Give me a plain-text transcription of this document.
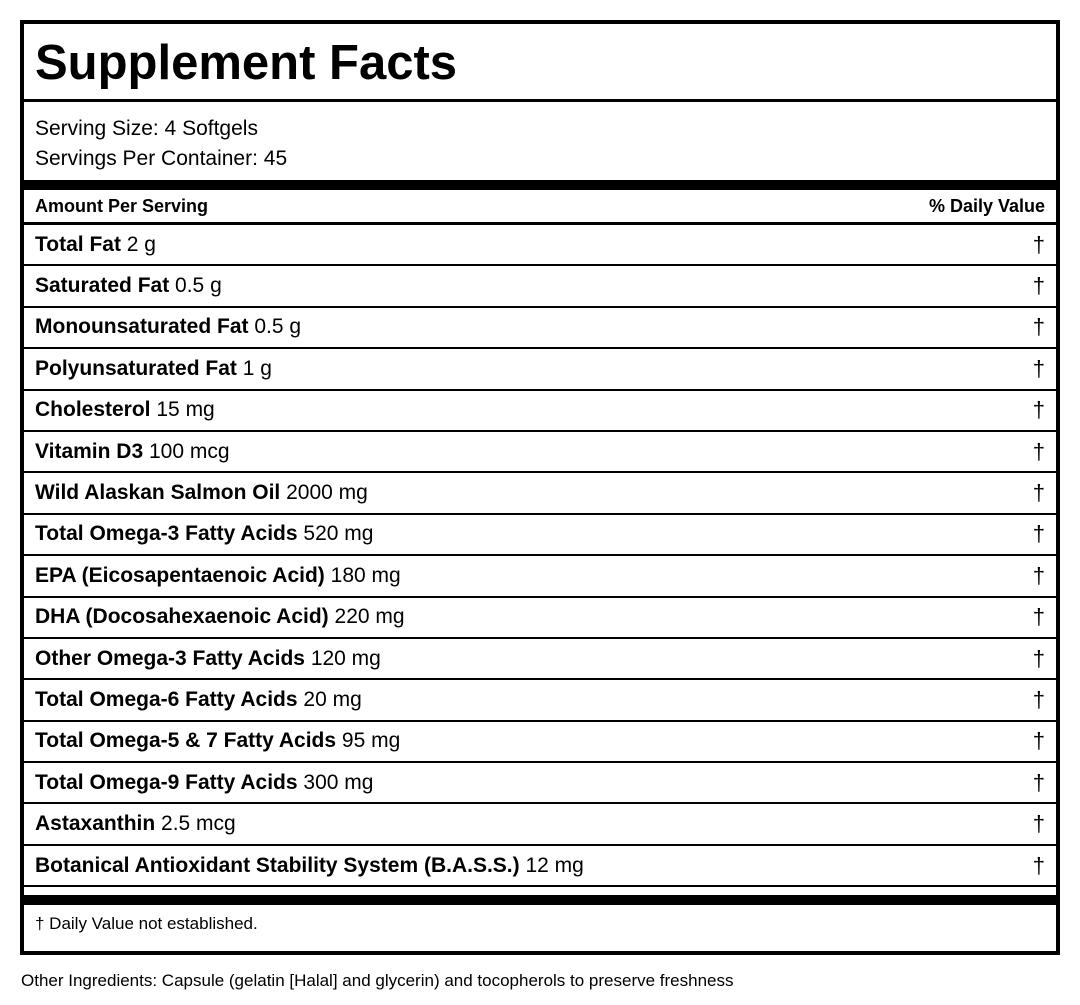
Supplement Facts
Serving Size: 4 Softgels
Servings Per Container: 45
Amount Per Serving	% Daily Value
Total Fat 2 g	†
Saturated Fat 0.5 g	†
Monounsaturated Fat 0.5 g	†
Polyunsaturated Fat 1 g	†
Cholesterol 15 mg	†
Vitamin D3 100 mcg	†
Wild Alaskan Salmon Oil 2000 mg	†
Total Omega-3 Fatty Acids 520 mg	†
EPA (Eicosapentaenoic Acid) 180 mg	†
DHA (Docosahexaenoic Acid) 220 mg	†
Other Omega-3 Fatty Acids 120 mg	†
Total Omega-6 Fatty Acids 20 mg	†
Total Omega-5 & 7 Fatty Acids 95 mg	†
Total Omega-9 Fatty Acids 300 mg	†
Astaxanthin 2.5 mcg	†
Botanical Antioxidant Stability System (B.A.S.S.) 12 mg	†
† Daily Value not established.
Other Ingredients: Capsule (gelatin [Halal] and glycerin) and tocopherols to preserve freshness
